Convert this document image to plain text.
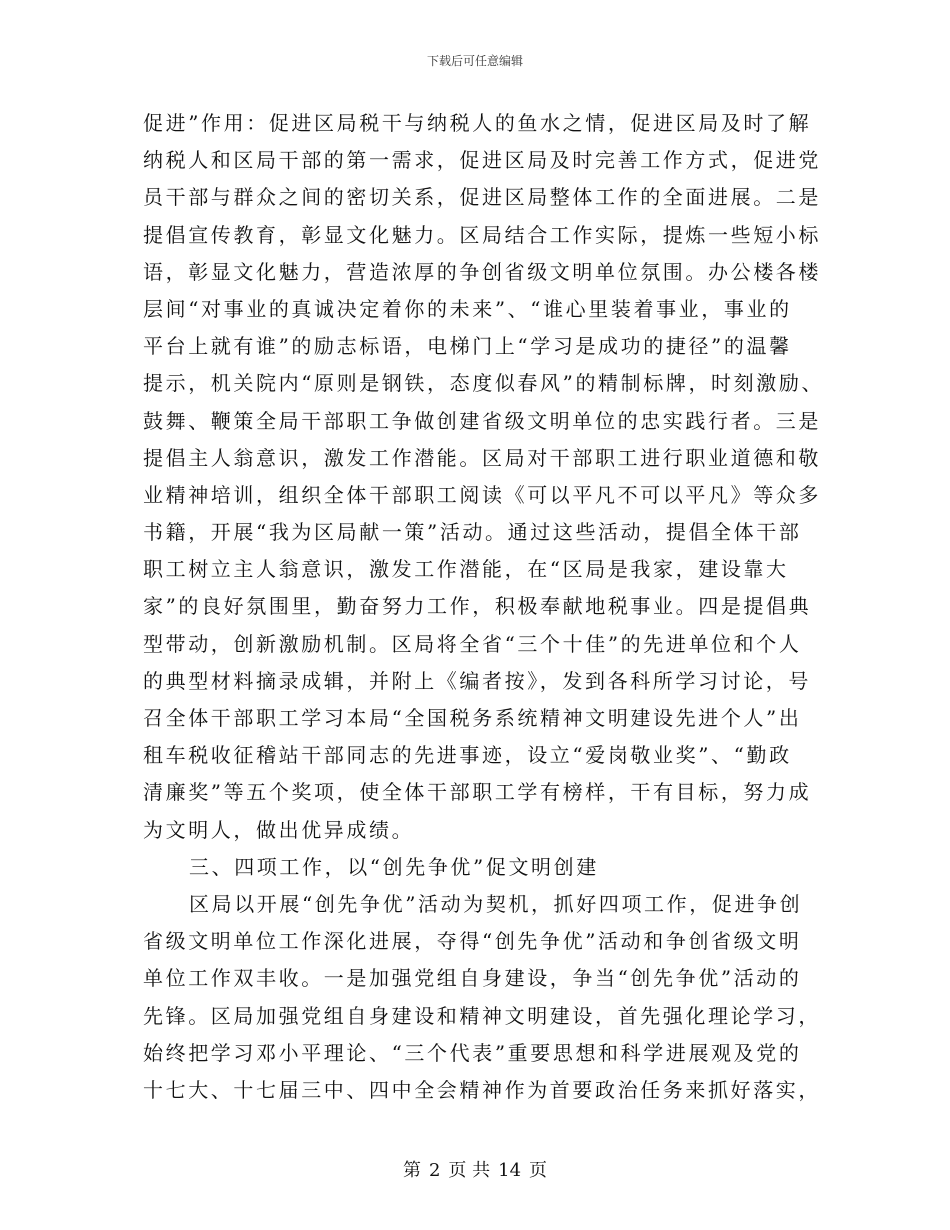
下载后可任意编辑
促进”作用：促进区局税干与纳税人的鱼水之情，促进区局及时了解
纳税人和区局干部的第一需求，促进区局及时完善工作方式，促进党
员干部与群众之间的密切关系，促进区局整体工作的全面进展。二是
提倡宣传教育，彰显文化魅力。区局结合工作实际，提炼一些短小标
语，彰显文化魅力，营造浓厚的争创省级文明单位氛围。办公楼各楼
层间“对事业的真诚决定着你的未来”、“谁心里装着事业，事业的
平台上就有谁”的励志标语，电梯门上“学习是成功的捷径”的温馨
提示，机关院内“原则是钢铁，态度似春风”的精制标牌，时刻激励、
鼓舞、鞭策全局干部职工争做创建省级文明单位的忠实践行者。三是
提倡主人翁意识，激发工作潜能。区局对干部职工进行职业道德和敬
业精神培训，组织全体干部职工阅读《可以平凡不可以平凡》等众多
书籍，开展“我为区局献一策”活动。通过这些活动，提倡全体干部
职工树立主人翁意识，激发工作潜能，在“区局是我家，建设靠大
家”的良好氛围里，勤奋努力工作，积极奉献地税事业。四是提倡典
型带动，创新激励机制。区局将全省“三个十佳”的先进单位和个人
的典型材料摘录成辑，并附上《编者按》，发到各科所学习讨论，号
召全体干部职工学习本局“全国税务系统精神文明建设先进个人”出
租车税收征稽站干部同志的先进事迹，设立“爱岗敬业奖”、“勤政
清廉奖”等五个奖项，使全体干部职工学有榜样，干有目标，努力成
为文明人，做出优异成绩。
三、四项工作，以“创先争优”促文明创建
区局以开展“创先争优”活动为契机，抓好四项工作，促进争创
省级文明单位工作深化进展，夺得“创先争优”活动和争创省级文明
单位工作双丰收。一是加强党组自身建设，争当“创先争优”活动的
先锋。区局加强党组自身建设和精神文明建设，首先强化理论学习，
始终把学习邓小平理论、“三个代表”重要思想和科学进展观及党的
十七大、十七届三中、四中全会精神作为首要政治任务来抓好落实，
第 2 页 共 14 页
